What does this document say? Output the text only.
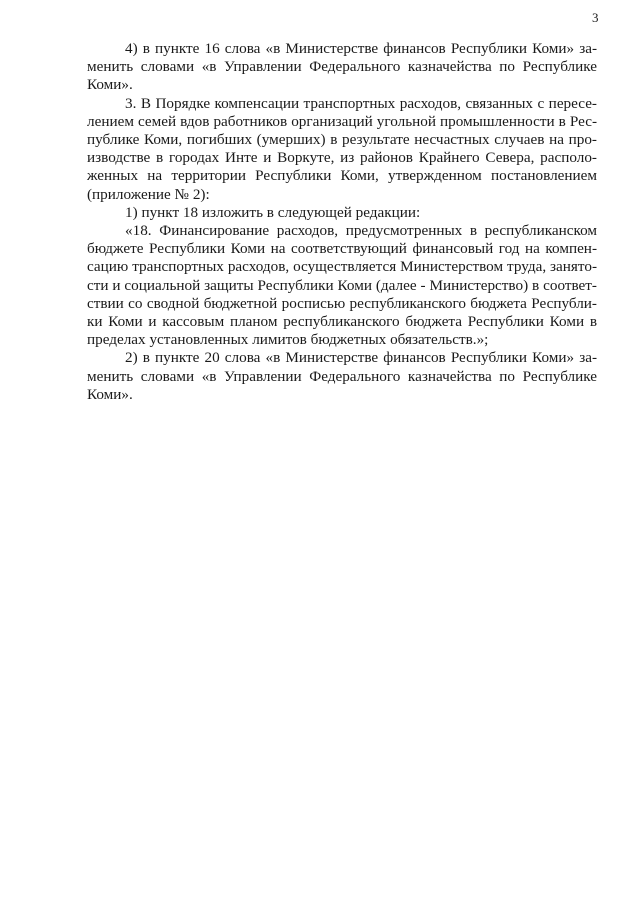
3
4) в пункте 16 слова «в Министерстве финансов Республики Коми» за-
менить словами «в Управлении Федерального казначейства по Республике
Коми».
3. В Порядке компенсации транспортных расходов, связанных с пересе-
лением семей вдов работников организаций угольной промышленности в Рес-
публике Коми, погибших (умерших) в результате несчастных случаев на про-
изводстве в городах Инте и Воркуте, из районов Крайнего Севера, располо-
женных на территории Республики Коми, утвержденном постановлением
(приложение № 2):
1) пункт 18 изложить в следующей редакции:
«18. Финансирование расходов, предусмотренных в республиканском
бюджете Республики Коми на соответствующий финансовый год на компен-
сацию транспортных расходов, осуществляется Министерством труда, занято-
сти и социальной защиты Республики Коми (далее - Министерство) в соответ-
ствии со сводной бюджетной росписью республиканского бюджета Республи-
ки Коми и кассовым планом республиканского бюджета Республики Коми в
пределах установленных лимитов бюджетных обязательств.»;
2) в пункте 20 слова «в Министерстве финансов Республики Коми» за-
менить словами «в Управлении Федерального казначейства по Республике
Коми».
